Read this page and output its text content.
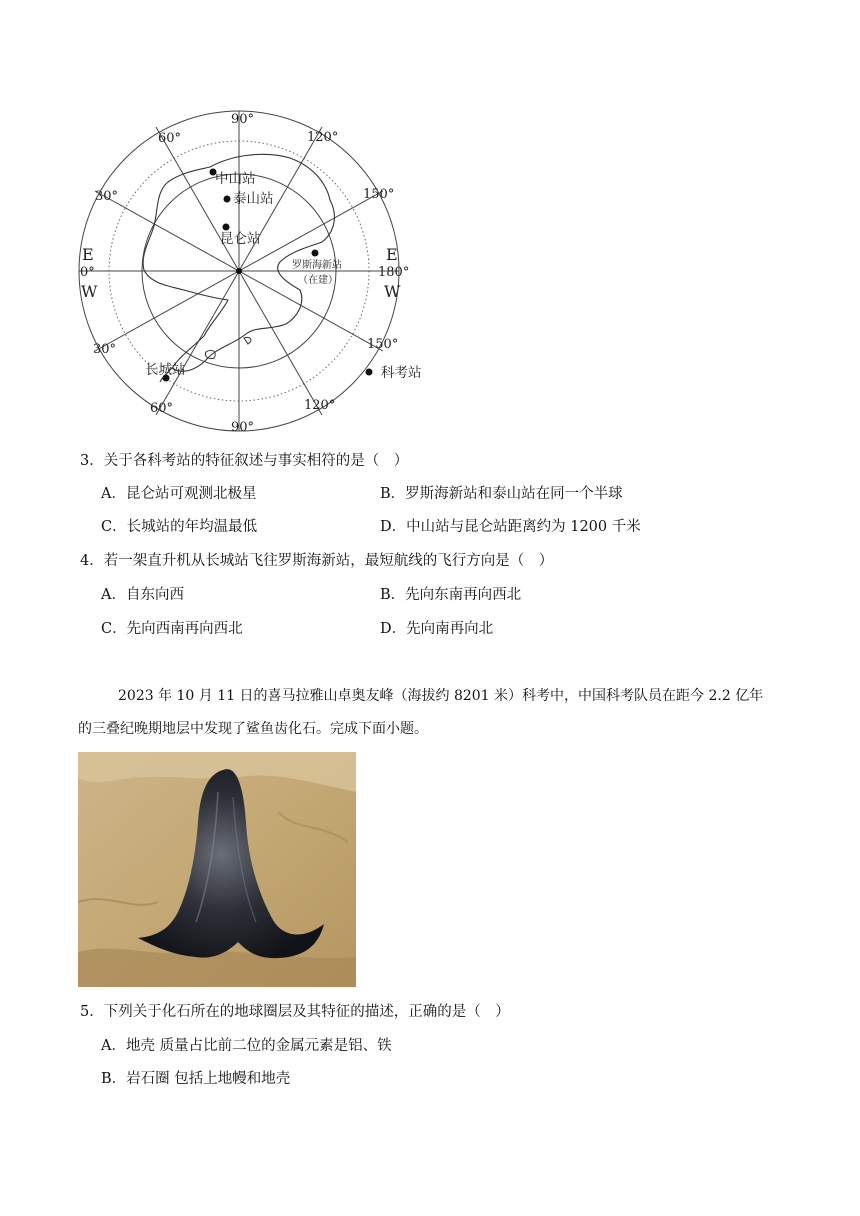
90°
90°
60°	120°
30°	150°
0°	180°
30°	150°
60°	120°
E
W
E
W
中山站
泰山站
昆仑站
长城站	科考站
罗斯海新站
（在建）
3．关于各科考站的特征叙述与事实相符的是（　）
A．昆仑站可观测北极星	B．罗斯海新站和泰山站在同一个半球
C．长城站的年均温最低	D．中山站与昆仑站距离约为 1200 千米
4．若一架直升机从长城站飞往罗斯海新站，最短航线的飞行方向是（　）
A．自东向西	B．先向东南再向西北
C．先向西南再向西北	D．先向南再向北
2023 年 10 月 11 日的喜马拉雅山卓奥友峰（海拔约 8201 米）科考中，中国科考队员在距今 2.2 亿年
的三叠纪晚期地层中发现了鲨鱼齿化石。完成下面小题。
5．下列关于化石所在的地球圈层及其特征的描述，正确的是（　）
A．地壳 质量占比前二位的金属元素是铝、铁
B．岩石圈 包括上地幔和地壳
